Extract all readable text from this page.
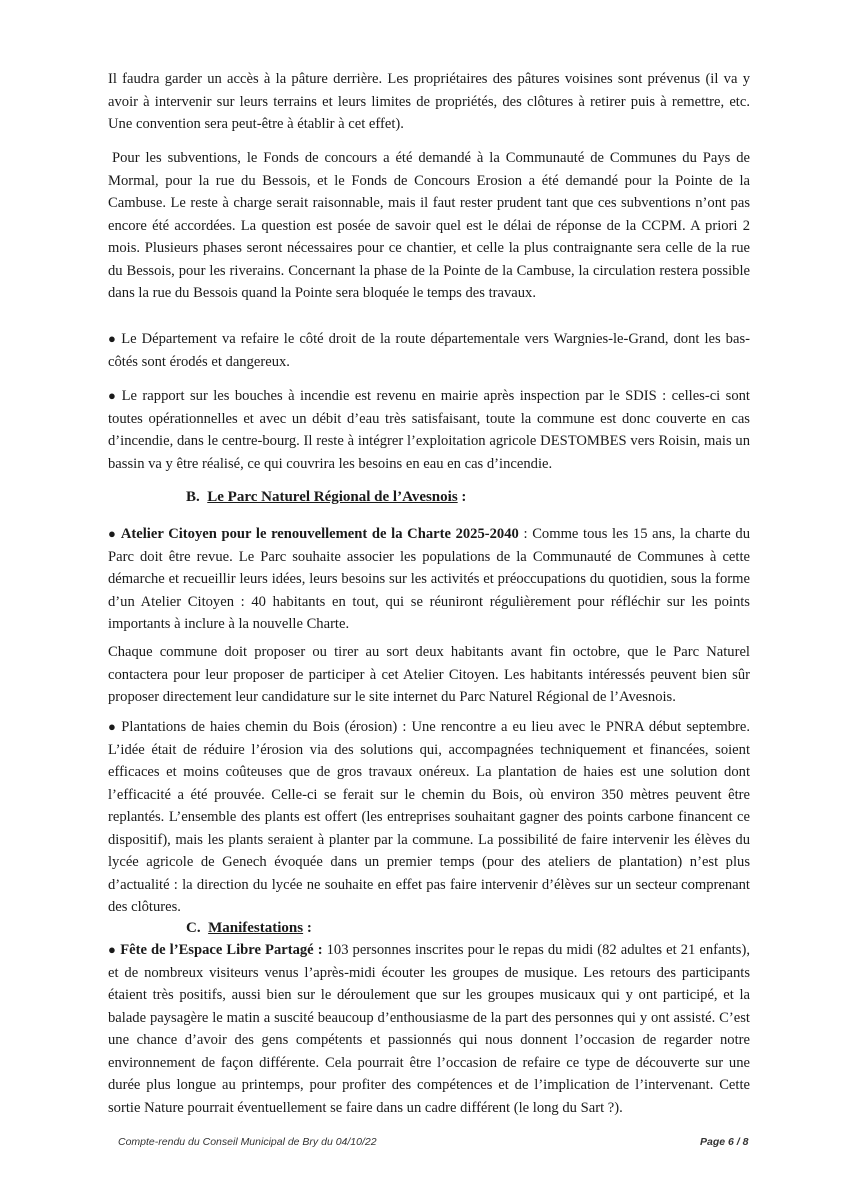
Il faudra garder un accès à la pâture derrière. Les propriétaires des pâtures voisines sont prévenus (il va y avoir à intervenir sur leurs terrains et leurs limites de propriétés, des clôtures à retirer puis à remettre, etc. Une convention sera peut-être à établir à cet effet).

Pour les subventions, le Fonds de concours a été demandé à la Communauté de Communes du Pays de Mormal, pour la rue du Bessois, et le Fonds de Concours Erosion a été demandé pour la Pointe de la Cambuse. Le reste à charge serait raisonnable, mais il faut rester prudent tant que ces subventions n’ont pas encore été accordées. La question est posée de savoir quel est le délai de réponse de la CCPM. A priori 2 mois. Plusieurs phases seront nécessaires pour ce chantier, et celle la plus contraignante sera celle de la rue du Bessois, pour les riverains. Concernant la phase de la Pointe de la Cambuse, la circulation restera possible dans la rue du Bessois quand la Pointe sera bloquée le temps des travaux.

● Le Département va refaire le côté droit de la route départementale vers Wargnies-le-Grand, dont les bas-côtés sont érodés et dangereux.

● Le rapport sur les bouches à incendie est revenu en mairie après inspection par le SDIS : celles-ci sont toutes opérationnelles et avec un débit d’eau très satisfaisant, toute la commune est donc couverte en cas d’incendie, dans le centre-bourg. Il reste à intégrer l’exploitation agricole DESTOMBES vers Roisin, mais un bassin va y être réalisé, ce qui couvrira les besoins en eau en cas d’incendie.

B. Le Parc Naturel Régional de l’Avesnois :

● Atelier Citoyen pour le renouvellement de la Charte 2025-2040 : Comme tous les 15 ans, la charte du Parc doit être revue. Le Parc souhaite associer les populations de la Communauté de Communes à cette démarche et recueillir leurs idées, leurs besoins sur les activités et préoccupations du quotidien, sous la forme d’un Atelier Citoyen : 40 habitants en tout, qui se réuniront régulièrement pour réfléchir sur les points importants à inclure à la nouvelle Charte.

Chaque commune doit proposer ou tirer au sort deux habitants avant fin octobre, que le Parc Naturel contactera pour leur proposer de participer à cet Atelier Citoyen. Les habitants intéressés peuvent bien sûr proposer directement leur candidature sur le site internet du Parc Naturel Régional de l’Avesnois.

● Plantations de haies chemin du Bois (érosion) : Une rencontre a eu lieu avec le PNRA début septembre. L’idée était de réduire l’érosion via des solutions qui, accompagnées techniquement et financées, soient efficaces et moins coûteuses que de gros travaux onéreux. La plantation de haies est une solution dont l’efficacité a été prouvée. Celle-ci se ferait sur le chemin du Bois, où environ 350 mètres peuvent être replantés. L’ensemble des plants est offert (les entreprises souhaitant gagner des points carbone financent ce dispositif), mais les plants seraient à planter par la commune. La possibilité de faire intervenir les élèves du lycée agricole de Genech évoquée dans un premier temps (pour des ateliers de plantation) n’est plus d’actualité : la direction du lycée ne souhaite en effet pas faire intervenir d’élèves sur un secteur comprenant des clôtures.

C. Manifestations :

● Fête de l’Espace Libre Partagé : 103 personnes inscrites pour le repas du midi (82 adultes et 21 enfants), et de nombreux visiteurs venus l’après-midi écouter les groupes de musique. Les retours des participants étaient très positifs, aussi bien sur le déroulement que sur les groupes musicaux qui y ont participé, et la balade paysagère le matin a suscité beaucoup d’enthousiasme de la part des personnes qui y ont assisté. C’est une chance d’avoir des gens compétents et passionnés qui nous donnent l’occasion de regarder notre environnement de façon différente. Cela pourrait être l’occasion de refaire ce type de découverte sur une durée plus longue au printemps, pour profiter des compétences et de l’implication de l’intervenant. Cette sortie Nature pourrait éventuellement se faire dans un cadre différent (le long du Sart ?).

Compte-rendu du Conseil Municipal de Bry du 04/10/22	Page 6 / 8
